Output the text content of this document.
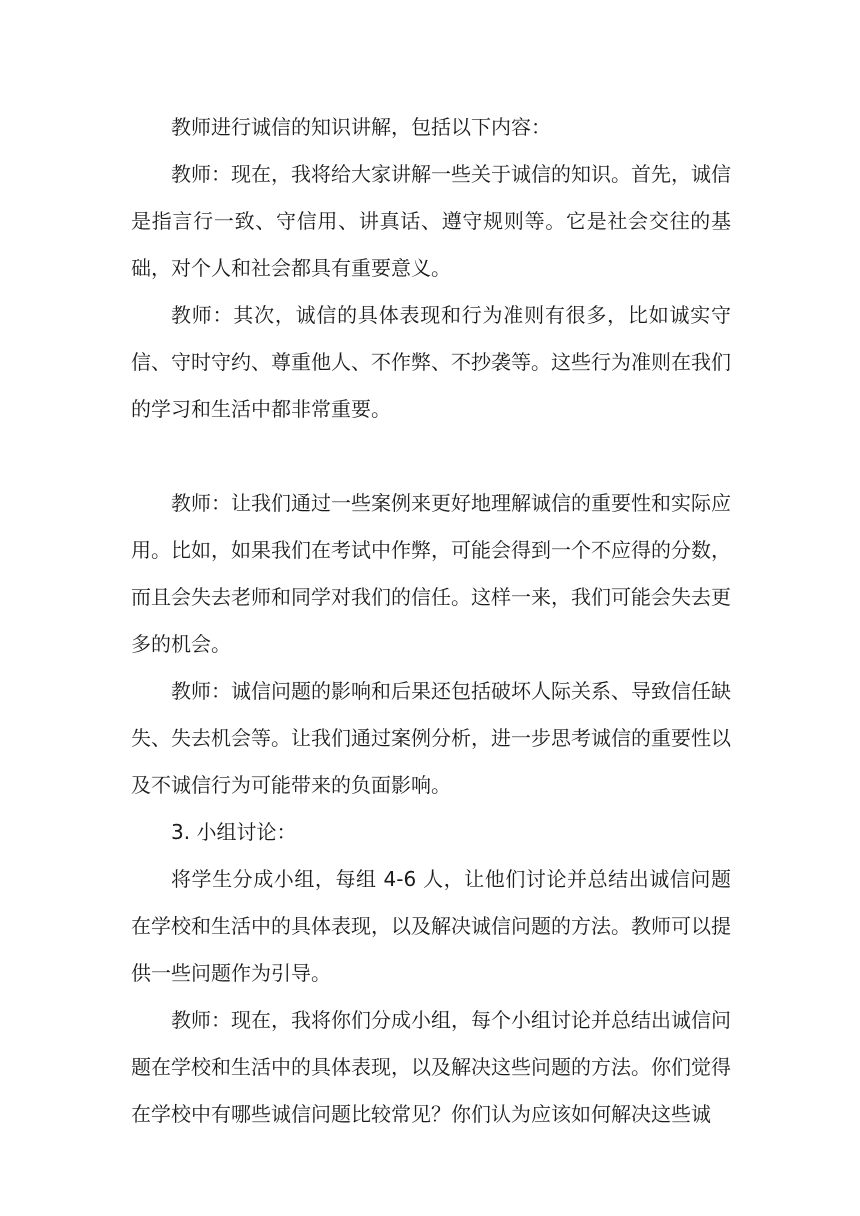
教师进行诚信的知识讲解，包括以下内容：

教师：现在，我将给大家讲解一些关于诚信的知识。首先，诚信是指言行一致、守信用、讲真话、遵守规则等。它是社会交往的基础，对个人和社会都具有重要意义。

教师：其次，诚信的具体表现和行为准则有很多，比如诚实守信、守时守约、尊重他人、不作弊、不抄袭等。这些行为准则在我们的学习和生活中都非常重要。

教师：让我们通过一些案例来更好地理解诚信的重要性和实际应用。比如，如果我们在考试中作弊，可能会得到一个不应得的分数，而且会失去老师和同学对我们的信任。这样一来，我们可能会失去更多的机会。

教师：诚信问题的影响和后果还包括破坏人际关系、导致信任缺失、失去机会等。让我们通过案例分析，进一步思考诚信的重要性以及不诚信行为可能带来的负面影响。

3. 小组讨论：

将学生分成小组，每组 4-6 人，让他们讨论并总结出诚信问题在学校和生活中的具体表现，以及解决诚信问题的方法。教师可以提供一些问题作为引导。

教师：现在，我将你们分成小组，每个小组讨论并总结出诚信问题在学校和生活中的具体表现，以及解决这些问题的方法。你们觉得在学校中有哪些诚信问题比较常见？你们认为应该如何解决这些诚
